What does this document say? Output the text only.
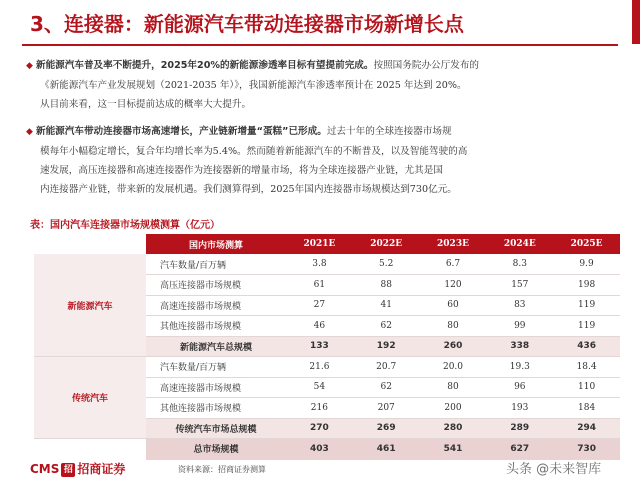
3、连接器：新能源汽车带动连接器市场新增长点
◆ 新能源汽车普及率不断提升，2025年20%的新能源渗透率目标有望提前完成。按照国务院办公厅发布的
《新能源汽车产业发展规划（2021-2035 年）》，我国新能源汽车渗透率预计在 2025 年达到 20%。
从目前来看，这一目标提前达成的概率大大提升。
◆ 新能源汽车带动连接器市场高速增长，产业链新增量“蛋糕”已形成。过去十年的全球连接器市场规
模每年小幅稳定增长，复合年均增长率为5.4%。然而随着新能源汽车的不断普及，以及智能驾驶的高
速发展，高压连接器和高速连接器作为连接器新的增量市场，将为全球连接器产业链，尤其是国
内连接器产业链，带来新的发展机遇。我们测算得到，2025年国内连接器市场规模达到730亿元。
表：国内汽车连接器市场规模测算（亿元）
	国内市场测算	2021E	2022E	2023E	2024E	2025E
新能源汽车	汽车数量/百万辆	3.8	5.2	6.7	8.3	9.9
	高压连接器市场规模	61	88	120	157	198
	高速连接器市场规模	27	41	60	83	119
	其他连接器市场规模	46	62	80	99	119
	新能源汽车总规模	133	192	260	338	436
传统汽车	汽车数量/百万辆	21.6	20.7	20.0	19.3	18.4
	高速连接器市场规模	54	62	80	96	110
	其他连接器市场规模	216	207	200	193	184
	传统汽车市场总规模	270	269	280	289	294
	总市场规模	403	461	541	627	730
CMS 招 招商证券	资料来源：招商证券测算	头条 @未来智库
